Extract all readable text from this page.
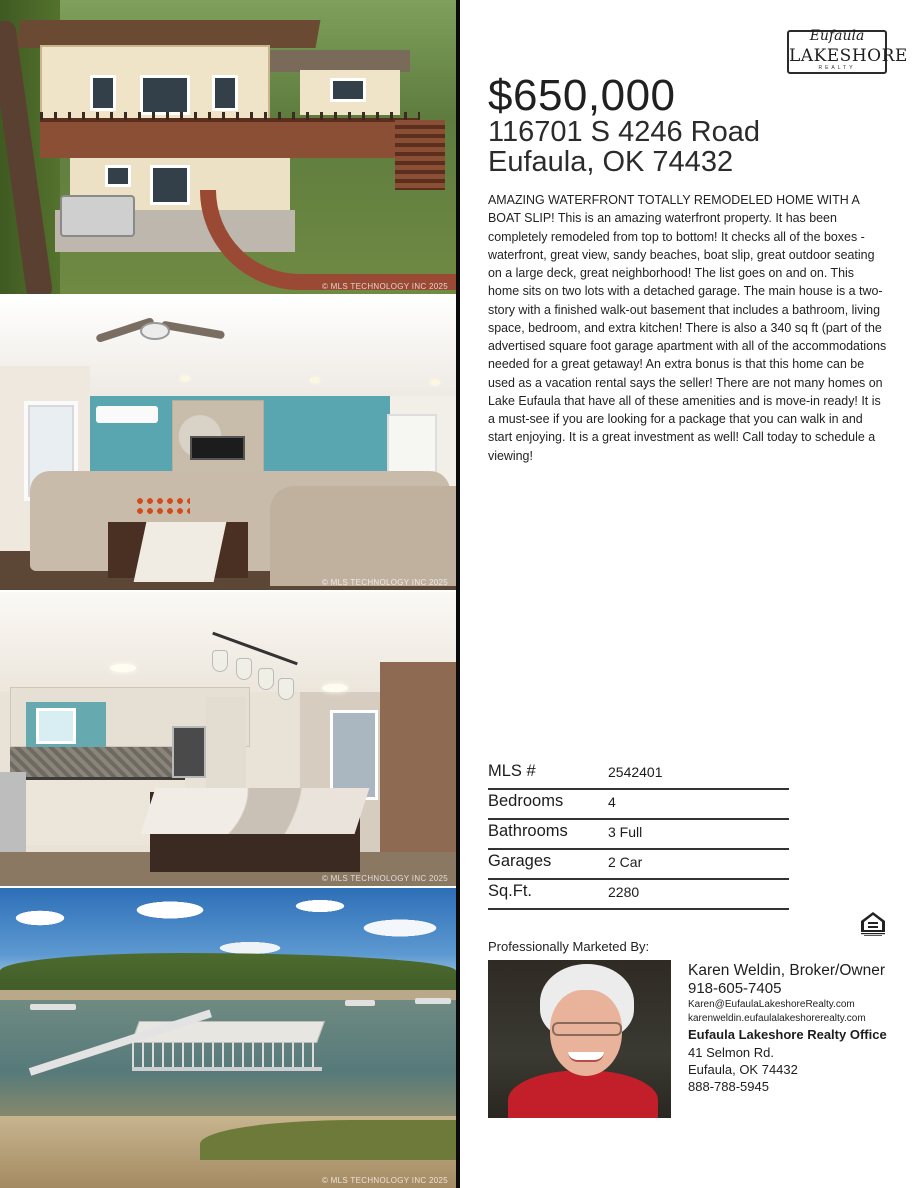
© MLS TECHNOLOGY INC 2025
© MLS TECHNOLOGY INC 2025
© MLS TECHNOLOGY INC 2025
© MLS TECHNOLOGY INC 2025
Eufaula
LAKESHORE
REALTY
$650,000
116701 S 4246 Road
Eufaula, OK 74432
AMAZING WATERFRONT TOTALLY REMODELED HOME WITH A BOAT SLIP! This is an amazing waterfront property. It has been completely remodeled from top to bottom! It checks all of the boxes - waterfront, great view, sandy beaches, boat slip, great outdoor seating on a large deck, great neighborhood! The list goes on and on. This home sits on two lots with a detached garage. The main house is a two-story with a finished walk-out basement that includes a bathroom, living space, bedroom, and extra kitchen! There is also a 340 sq ft (part of the advertised square foot garage apartment with all of the accommodations needed for a great getaway! An extra bonus is that this home can be used as a vacation rental says the seller! There are not many homes on Lake Eufaula that have all of these amenities and is move-in ready! It is a must-see if you are looking for a package that you can walk in and start enjoying. It is a great investment as well! Call today to schedule a viewing!
MLS #	2542401
Bedrooms	4
Bathrooms	3 Full
Garages	2 Car
Sq.Ft.	2280
Professionally Marketed By:
Karen Weldin, Broker/Owner
918-605-7405
Karen@EufaulaLakeshoreRealty.com
karenweldin.eufaulalakeshorerealty.com
Eufaula Lakeshore Realty Office
41 Selmon Rd.
Eufaula, OK 74432
888-788-5945
